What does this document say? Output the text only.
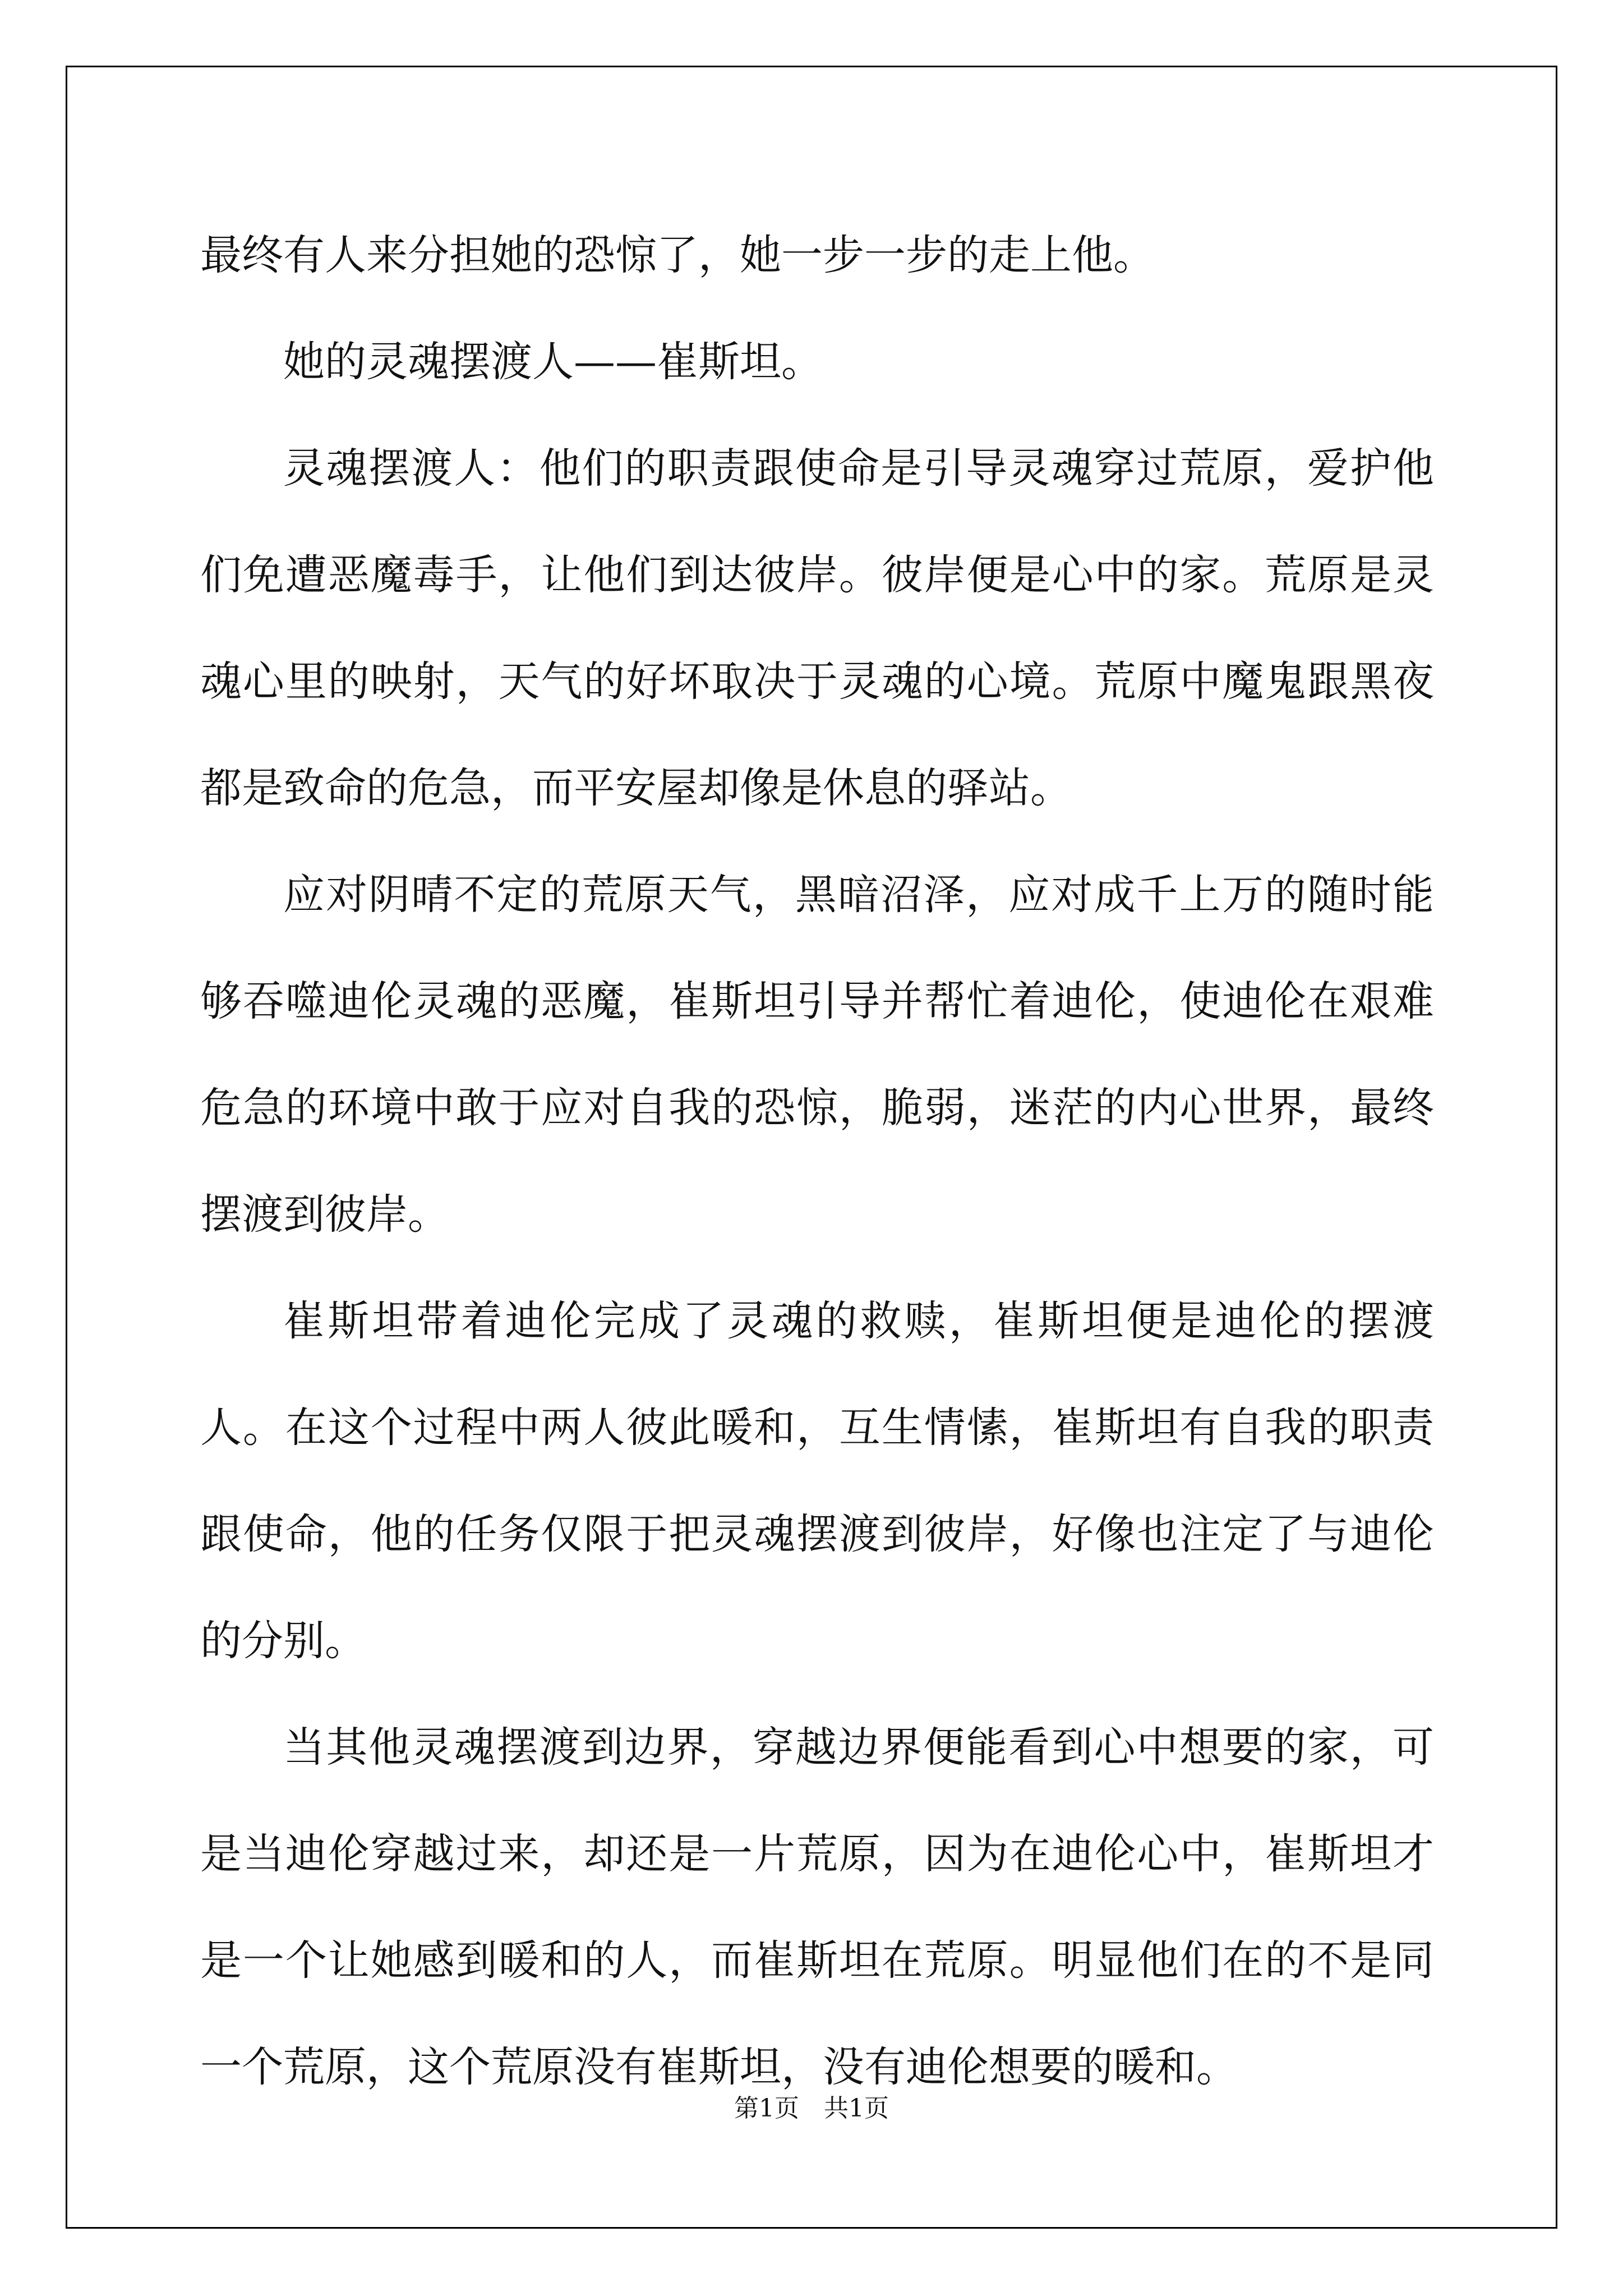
最终有人来分担她的恐惊了，她一步一步的走上他。

她的灵魂摆渡人——崔斯坦。

灵魂摆渡人：他们的职责跟使命是引导灵魂穿过荒原，爱护他们免遭恶魔毒手，让他们到达彼岸。彼岸便是心中的家。荒原是灵魂心里的映射，天气的好坏取决于灵魂的心境。荒原中魔鬼跟黑夜都是致命的危急，而平安屋却像是休息的驿站。

应对阴晴不定的荒原天气，黑暗沼泽，应对成千上万的随时能够吞噬迪伦灵魂的恶魔，崔斯坦引导并帮忙着迪伦，使迪伦在艰难危急的环境中敢于应对自我的恐惊，脆弱，迷茫的内心世界，最终摆渡到彼岸。

崔斯坦带着迪伦完成了灵魂的救赎，崔斯坦便是迪伦的摆渡人。在这个过程中两人彼此暖和，互生情愫，崔斯坦有自我的职责跟使命，他的任务仅限于把灵魂摆渡到彼岸，好像也注定了与迪伦的分别。

当其他灵魂摆渡到边界，穿越边界便能看到心中想要的家，可是当迪伦穿越过来，却还是一片荒原，因为在迪伦心中，崔斯坦才是一个让她感到暖和的人，而崔斯坦在荒原。明显他们在的不是同一个荒原，这个荒原没有崔斯坦，没有迪伦想要的暖和。

第1页 共1页
